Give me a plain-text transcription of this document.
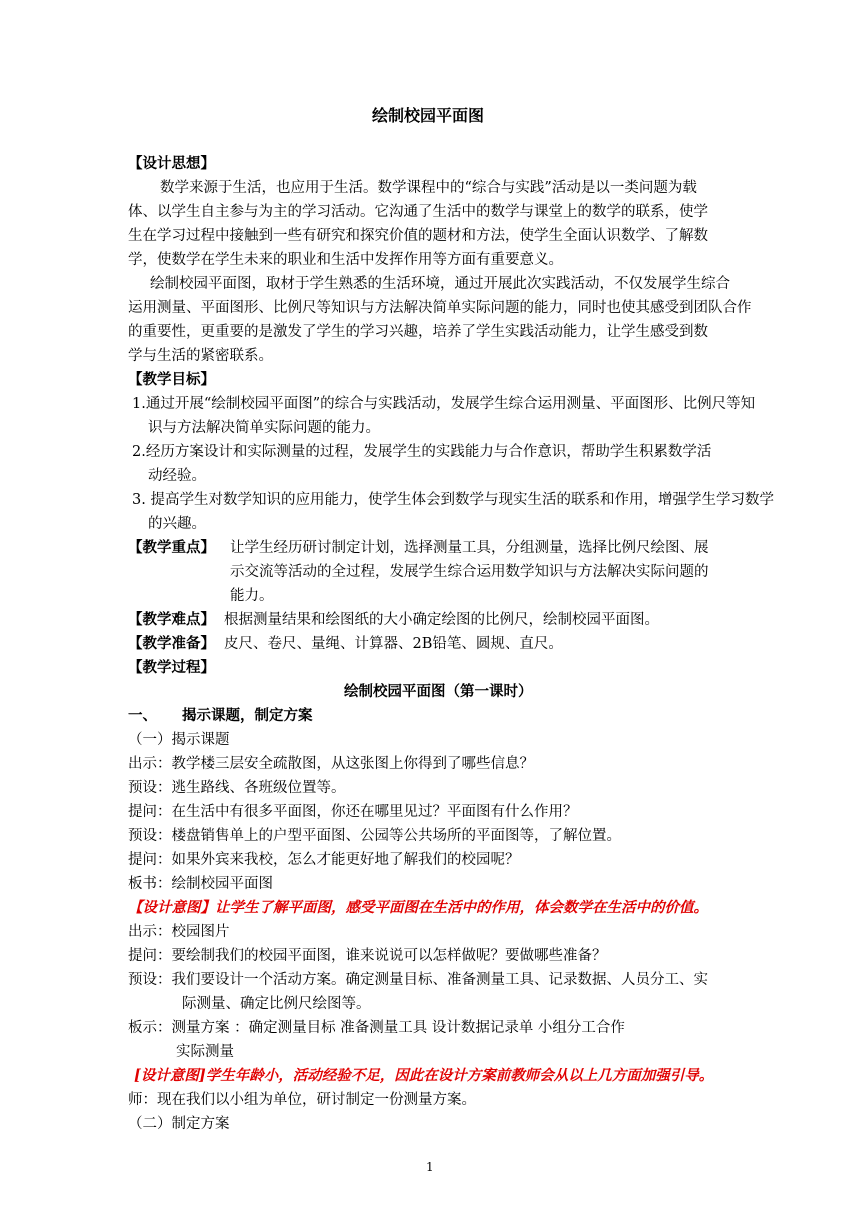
绘制校园平面图
【设计思想】
数学来源于生活，也应用于生活。数学课程中的“综合与实践”活动是以一类问题为载
体、以学生自主参与为主的学习活动。它沟通了生活中的数学与课堂上的数学的联系，使学
生在学习过程中接触到一些有研究和探究价值的题材和方法，使学生全面认识数学、了解数
学，使数学在学生未来的职业和生活中发挥作用等方面有重要意义。
绘制校园平面图，取材于学生熟悉的生活环境，通过开展此次实践活动，不仅发展学生综合
运用测量、平面图形、比例尺等知识与方法解决简单实际问题的能力，同时也使其感受到团队合作
的重要性，更重要的是激发了学生的学习兴趣，培养了学生实践活动能力，让学生感受到数
学与生活的紧密联系。
【教学目标】
1.通过开展“绘制校园平面图”的综合与实践活动，发展学生综合运用测量、平面图形、比例尺等知
识与方法解决简单实际问题的能力。
2.经历方案设计和实际测量的过程，发展学生的实践能力与合作意识，帮助学生积累数学活
动经验。
3. 提高学生对数学知识的应用能力，使学生体会到数学与现实生活的联系和作用，增强学生学习数学
的兴趣。
【教学重点】 让学生经历研讨制定计划，选择测量工具，分组测量，选择比例尺绘图、展
示交流等活动的全过程，发展学生综合运用数学知识与方法解决实际问题的
能力。
【教学难点】 根据测量结果和绘图纸的大小确定绘图的比例尺，绘制校园平面图。
【教学准备】 皮尺、卷尺、量绳、计算器、2B铅笔、圆规、直尺。
【教学过程】
绘制校园平面图（第一课时）
一、 揭示课题，制定方案
（一）揭示课题
出示：教学楼三层安全疏散图，从这张图上你得到了哪些信息？
预设：逃生路线、各班级位置等。
提问：在生活中有很多平面图，你还在哪里见过？平面图有什么作用？
预设：楼盘销售单上的户型平面图、公园等公共场所的平面图等，了解位置。
提问：如果外宾来我校，怎么才能更好地了解我们的校园呢？
板书：绘制校园平面图
【设计意图】让学生了解平面图，感受平面图在生活中的作用，体会数学在生活中的价值。
出示：校园图片
提问：要绘制我们的校园平面图，谁来说说可以怎样做呢？要做哪些准备？
预设：我们要设计一个活动方案。确定测量目标、准备测量工具、记录数据、人员分工、实
际测量、确定比例尺绘图等。
板示：测量方案 ：确定测量目标 准备测量工具 设计数据记录单 小组分工合作
实际测量
[设计意图]学生年龄小，活动经验不足，因此在设计方案前教师会从以上几方面加强引导。
师：现在我们以小组为单位，研讨制定一份测量方案。
（二）制定方案
1
